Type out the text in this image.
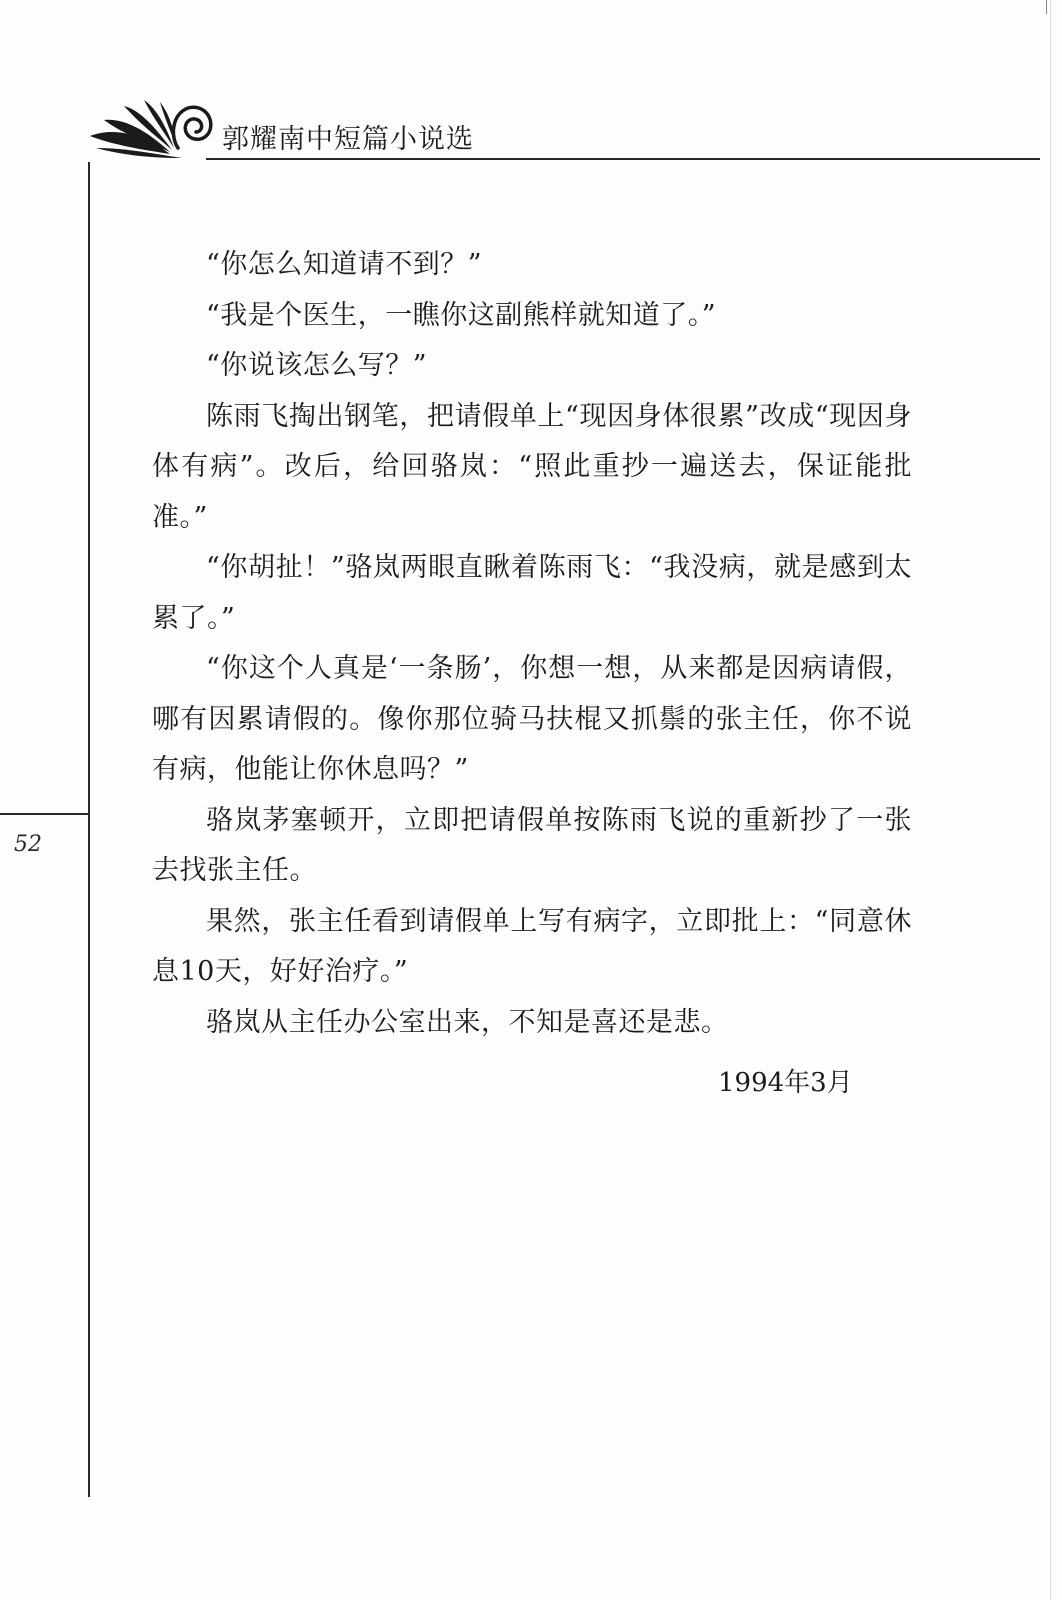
郭耀南中短篇小说选
52

“你怎么知道请不到？”

“我是个医生，一瞧你这副熊样就知道了。”

“你说该怎么写？”

陈雨飞掏出钢笔，把请假单上“现因身体很累”改成“现因身体有病”。改后，给回骆岚：“照此重抄一遍送去，保证能批准。”

“你胡扯！”骆岚两眼直瞅着陈雨飞：“我没病，就是感到太累了。”

“你这个人真是‘一条肠’，你想一想，从来都是因病请假，哪有因累请假的。像你那位骑马扶棍又抓鬃的张主任，你不说有病，他能让你休息吗？”

骆岚茅塞顿开，立即把请假单按陈雨飞说的重新抄了一张去找张主任。

果然，张主任看到请假单上写有病字，立即批上：“同意休息10天，好好治疗。”

骆岚从主任办公室出来，不知是喜还是悲。

1994年3月
